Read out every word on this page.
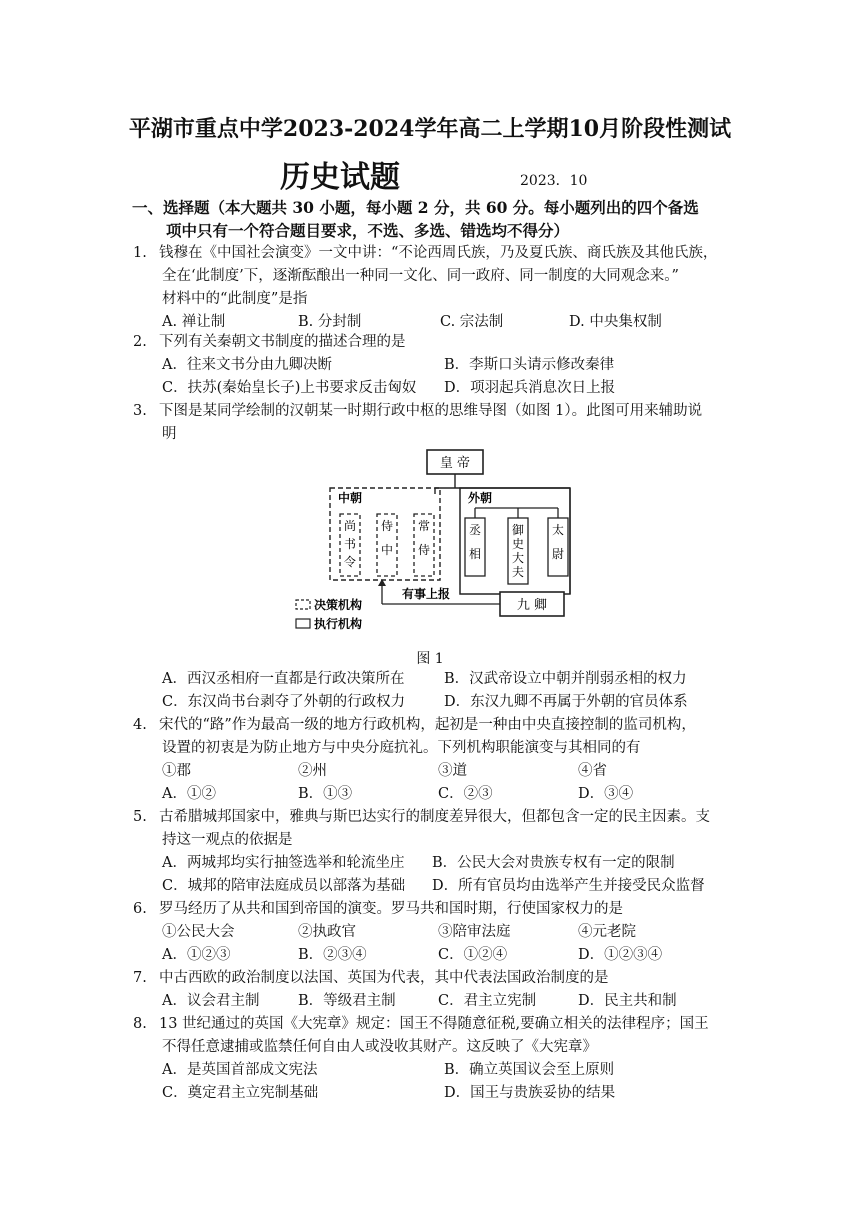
平湖市重点中学2023-2024学年高二上学期10月阶段性测试
历史试题	2023．10
一、选择题（本大题共 30 小题，每小题 2 分，共 60 分。每小题列出的四个备选
项中只有一个符合题目要求，不选、多选、错选均不得分）
1. 钱穆在《中国社会演变》一文中讲：“不论西周氏族，乃及夏氏族、商氏族及其他氏族，
全在‘此制度’下，逐渐酝酿出一种同一文化、同一政府、同一制度的大同观念来。”
材料中的“此制度”是指
A. 禅让制	B. 分封制	C. 宗法制	D. 中央集权制
2. 下列有关秦朝文书制度的描述合理的是
A．往来文书分由九卿决断	B．李斯口头请示修改秦律
C．扶苏(秦始皇长子)上书要求反击匈奴 D．项羽起兵消息次日上报
3. 下图是某同学绘制的汉朝某一时期行政中枢的思维导图（如图 1）。此图可用来辅助说
明
皇 帝
中朝
尚书令
侍中
常侍
外朝
丞相
御史大夫
太尉
九 卿
有事上报
决策机构
执行机构
图 1
A．西汉丞相府一直都是行政决策所在	B．汉武帝设立中朝并削弱丞相的权力
C．东汉尚书台剥夺了外朝的行政权力	D．东汉九卿不再属于外朝的官员体系
4. 宋代的“路”作为最高一级的地方行政机构，起初是一种由中央直接控制的监司机构，
设置的初衷是为防止地方与中央分庭抗礼。下列机构职能演变与其相同的有
①郡	②州	③道	④省
A．①②	B．①③	C．②③	D．③④
5. 古希腊城邦国家中，雅典与斯巴达实行的制度差异很大，但都包含一定的民主因素。支
持这一观点的依据是
A．两城邦均实行抽签选举和轮流坐庄 B．公民大会对贵族专权有一定的限制
C．城邦的陪审法庭成员以部落为基础 D．所有官员均由选举产生并接受民众监督
6. 罗马经历了从共和国到帝国的演变。罗马共和国时期，行使国家权力的是
①公民大会	②执政官	③陪审法庭	④元老院
A．①②③	B．②③④	C．①②④	D．①②③④
7. 中古西欧的政治制度以法国、英国为代表，其中代表法国政治制度的是
A．议会君主制	B．等级君主制	C．君主立宪制	D．民主共和制
8. 13 世纪通过的英国《大宪章》规定：国王不得随意征税,要确立相关的法律程序；国王
不得任意逮捕或监禁任何自由人或没收其财产。这反映了《大宪章》
A．是英国首部成文宪法	B．确立英国议会至上原则
C．奠定君主立宪制基础	D．国王与贵族妥协的结果
